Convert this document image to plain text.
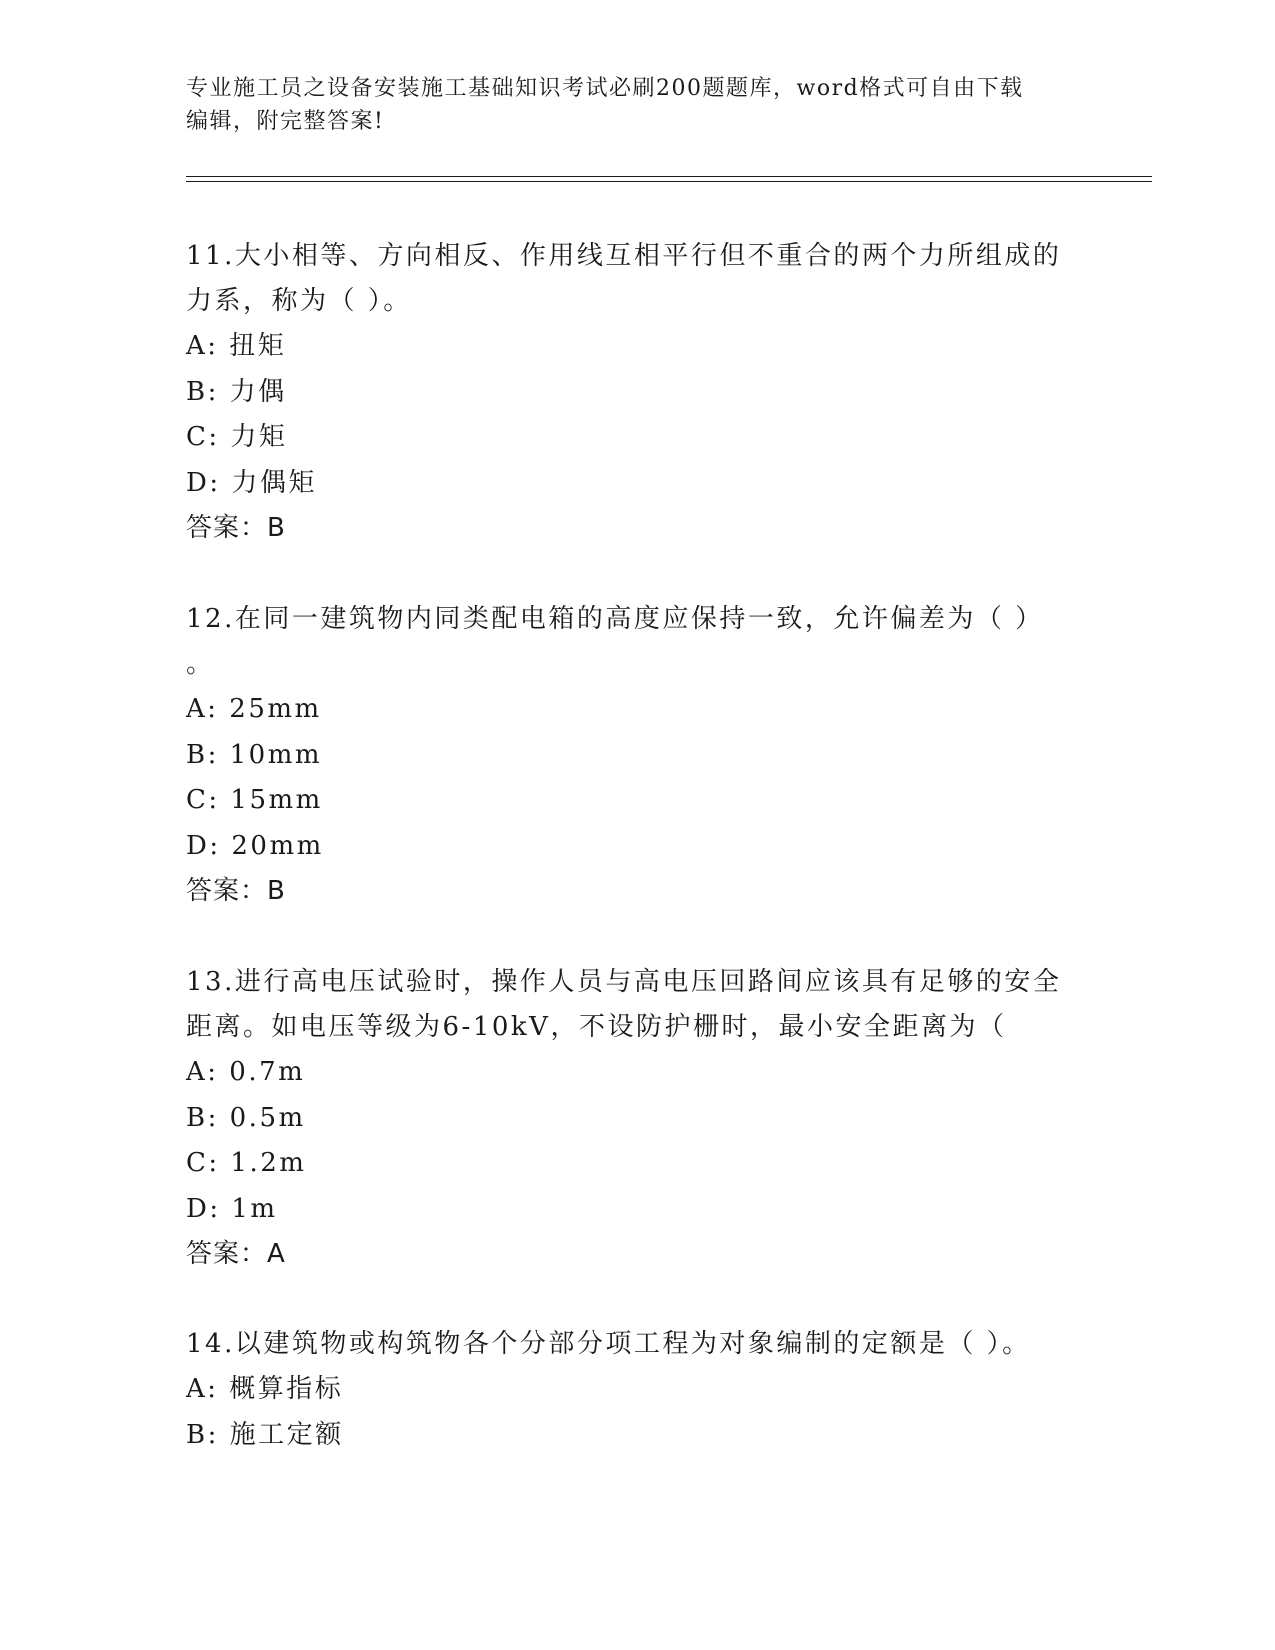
专业施工员之设备安装施工基础知识考试必刷200题题库，word格式可自由下载
编辑，附完整答案!

11.大小相等、方向相反、作用线互相平行但不重合的两个力所组成的

力系，称为（ ）。

A: 扭矩

B: 力偶

C: 力矩

D: 力偶矩

答案：B

12.在同一建筑物内同类配电箱的高度应保持一致，允许偏差为（ ）

。

A: 25mm

B: 10mm

C: 15mm

D: 20mm

答案：B

13.进行高电压试验时，操作人员与高电压回路间应该具有足够的安全

距离。如电压等级为6-10kV，不设防护栅时，最小安全距离为（

A: 0.7m

B: 0.5m

C: 1.2m

D: 1m

答案：A

14.以建筑物或构筑物各个分部分项工程为对象编制的定额是（ ）。

A: 概算指标

B: 施工定额
